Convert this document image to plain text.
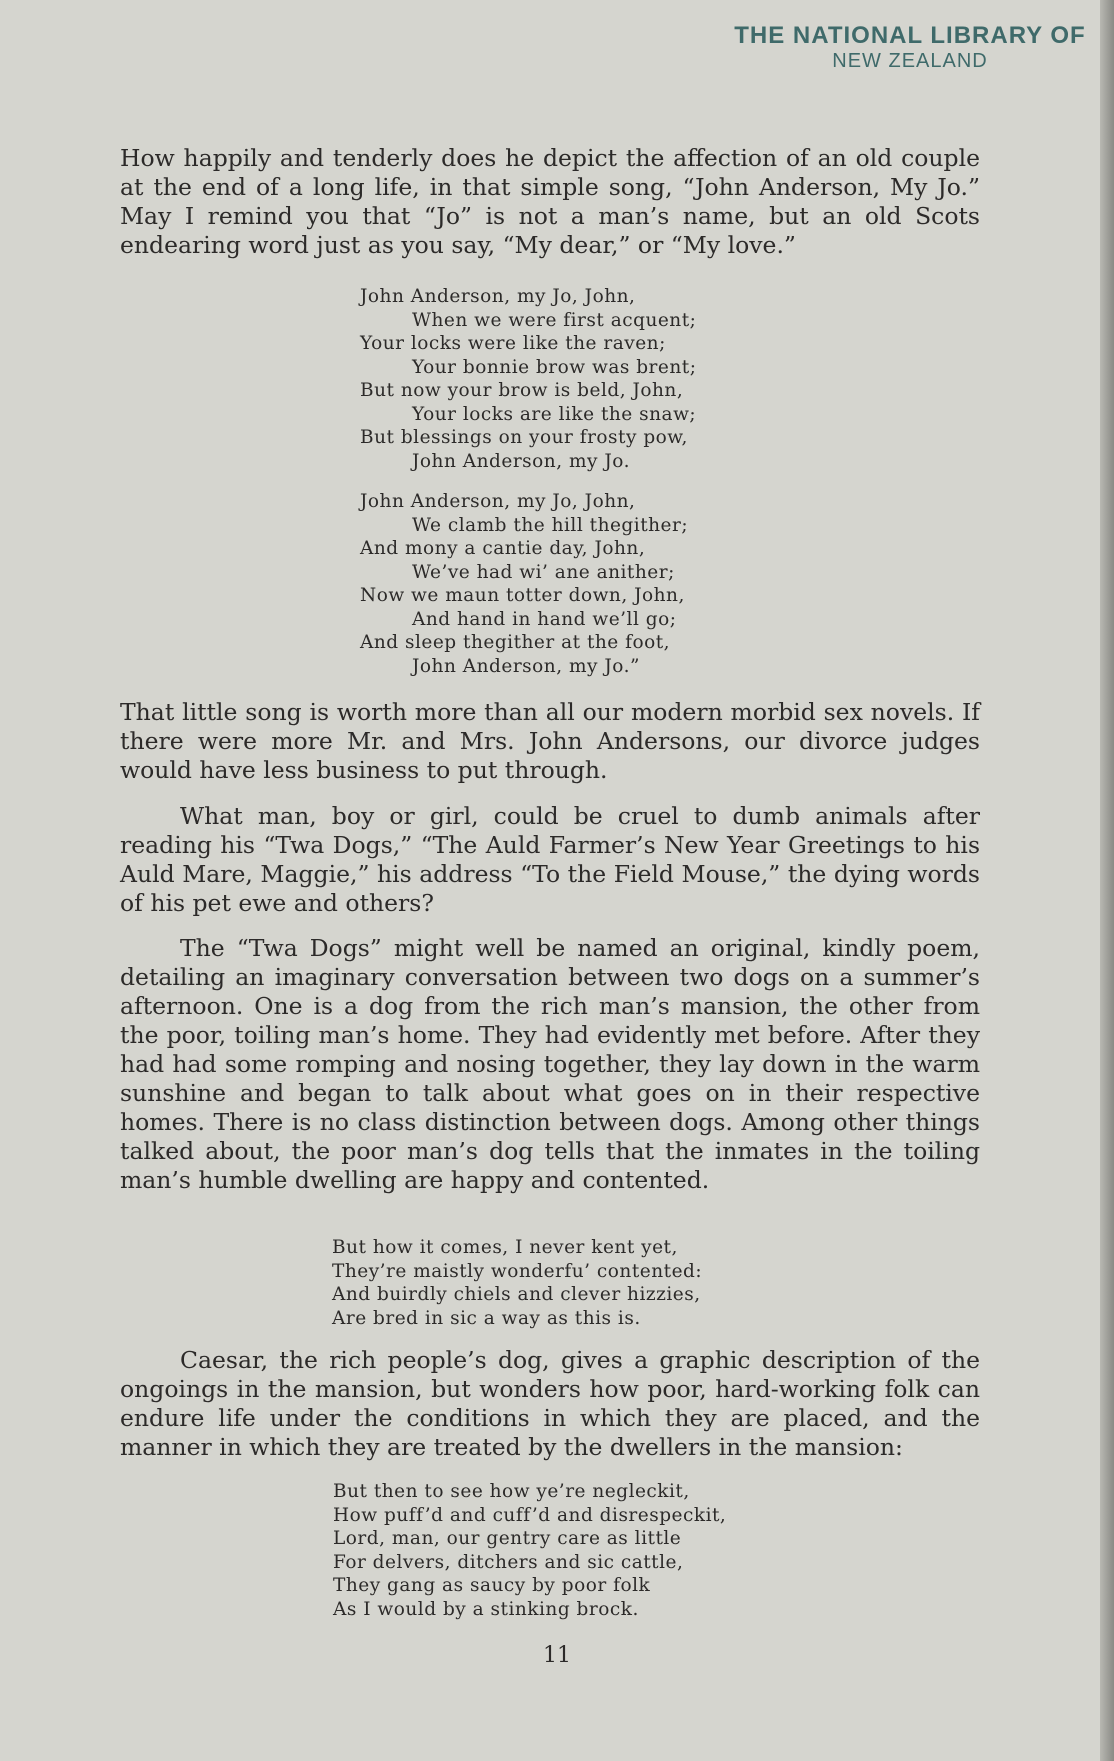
THE NATIONAL LIBRARY OF
NEW ZEALAND

How happily and tenderly does he depict the affection of an old couple at the end of a long life, in that simple song, “John Anderson, My Jo.” May I remind you that “Jo” is not a man’s name, but an old Scots endearing word just as you say, “My dear,” or “My love.”

John Anderson, my Jo, John,
When we were first acquent;
Your locks were like the raven;
Your bonnie brow was brent;
But now your brow is beld, John,
Your locks are like the snaw;
But blessings on your frosty pow,
John Anderson, my Jo.
John Anderson, my Jo, John,
We clamb the hill thegither;
And mony a cantie day, John,
We’ve had wi’ ane anither;
Now we maun totter down, John,
And hand in hand we’ll go;
And sleep thegither at the foot,
John Anderson, my Jo.”

That little song is worth more than all our modern morbid sex novels. If there were more Mr. and Mrs. John Andersons, our divorce judges would have less business to put through.

What man, boy or girl, could be cruel to dumb animals after reading his “Twa Dogs,” “The Auld Farmer’s New Year Greetings to his Auld Mare, Maggie,” his address “To the Field Mouse,” the dying words of his pet ewe and others?

The “Twa Dogs” might well be named an original, kindly poem, detailing an imaginary conversation between two dogs on a summer’s afternoon. One is a dog from the rich man’s mansion, the other from the poor, toiling man’s home. They had evidently met before. After they had had some romping and nosing together, they lay down in the warm sunshine and began to talk about what goes on in their respective homes. There is no class distinction between dogs. Among other things talked about, the poor man’s dog tells that the inmates in the toiling man’s humble dwelling are happy and contented.

But how it comes, I never kent yet,
They’re maistly wonderfu’ contented:
And buirdly chiels and clever hizzies,
Are bred in sic a way as this is.

Caesar, the rich people’s dog, gives a graphic description of the ongoings in the mansion, but wonders how poor, hard-working folk can endure life under the conditions in which they are placed, and the manner in which they are treated by the dwellers in the mansion:

But then to see how ye’re negleckit,
How puff’d and cuff’d and disrespeckit,
Lord, man, our gentry care as little
For delvers, ditchers and sic cattle,
They gang as saucy by poor folk
As I would by a stinking brock.
11
